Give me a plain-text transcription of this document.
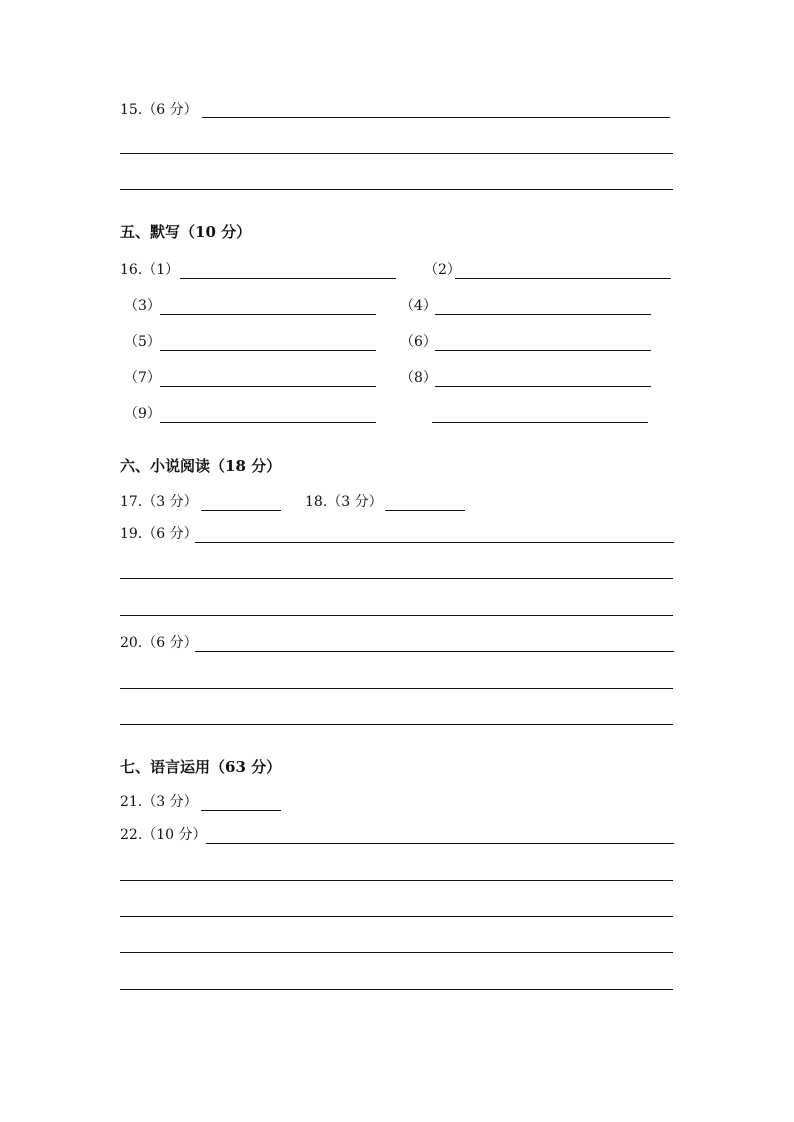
15.（6 分）
五、默写（10 分）
16.（1）	（2）
（3）	（4）
（5）	（6）
（7）	（8）
（9）
六、小说阅读（18 分）
17.（3 分）	18.（3 分）
19.（6 分）
20.（6 分）
七、语言运用（63 分）
21.（3 分）
22.（10 分）
